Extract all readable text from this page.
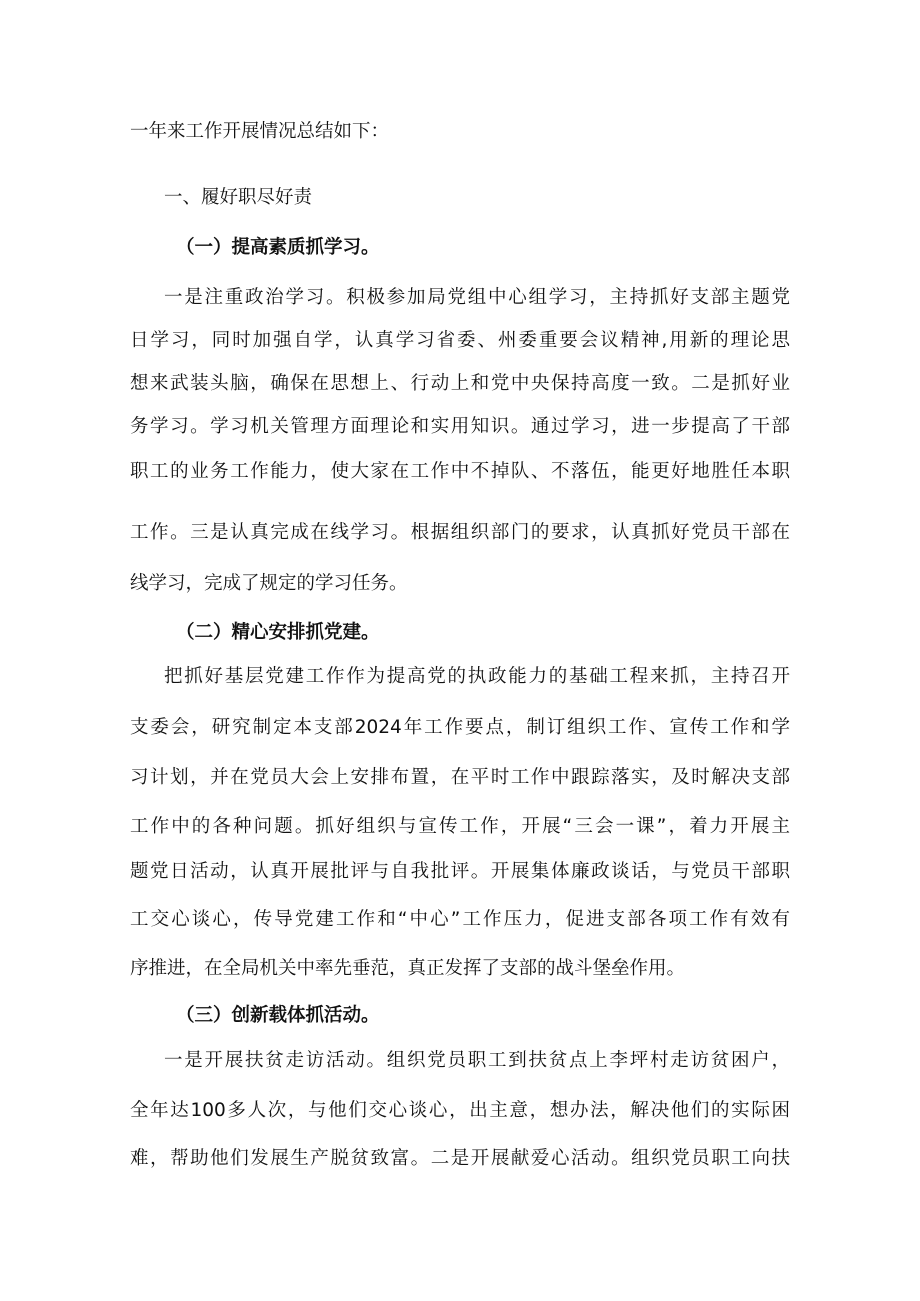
一年来工作开展情况总结如下：
一、履好职尽好责
（一）提高素质抓学习。
一是注重政治学习。积极参加局党组中心组学习，主持抓好支部主题党
日学习，同时加强自学，认真学习省委、州委重要会议精神,用新的理论思
想来武装头脑，确保在思想上、行动上和党中央保持高度一致。二是抓好业
务学习。学习机关管理方面理论和实用知识。通过学习，进一步提高了干部
职工的业务工作能力，使大家在工作中不掉队、不落伍，能更好地胜任本职
工作。三是认真完成在线学习。根据组织部门的要求，认真抓好党员干部在
线学习，完成了规定的学习任务。
（二）精心安排抓党建。
把抓好基层党建工作作为提高党的执政能力的基础工程来抓，主持召开
支委会，研究制定本支部2024年工作要点，制订组织工作、宣传工作和学
习计划，并在党员大会上安排布置，在平时工作中跟踪落实，及时解决支部
工作中的各种问题。抓好组织与宣传工作，开展“三会一课”，着力开展主
题党日活动，认真开展批评与自我批评。开展集体廉政谈话，与党员干部职
工交心谈心，传导党建工作和“中心”工作压力，促进支部各项工作有效有
序推进，在全局机关中率先垂范，真正发挥了支部的战斗堡垒作用。
（三）创新载体抓活动。
一是开展扶贫走访活动。组织党员职工到扶贫点上李坪村走访贫困户，
全年达100多人次，与他们交心谈心，出主意，想办法，解决他们的实际困
难，帮助他们发展生产脱贫致富。二是开展献爱心活动。组织党员职工向扶
